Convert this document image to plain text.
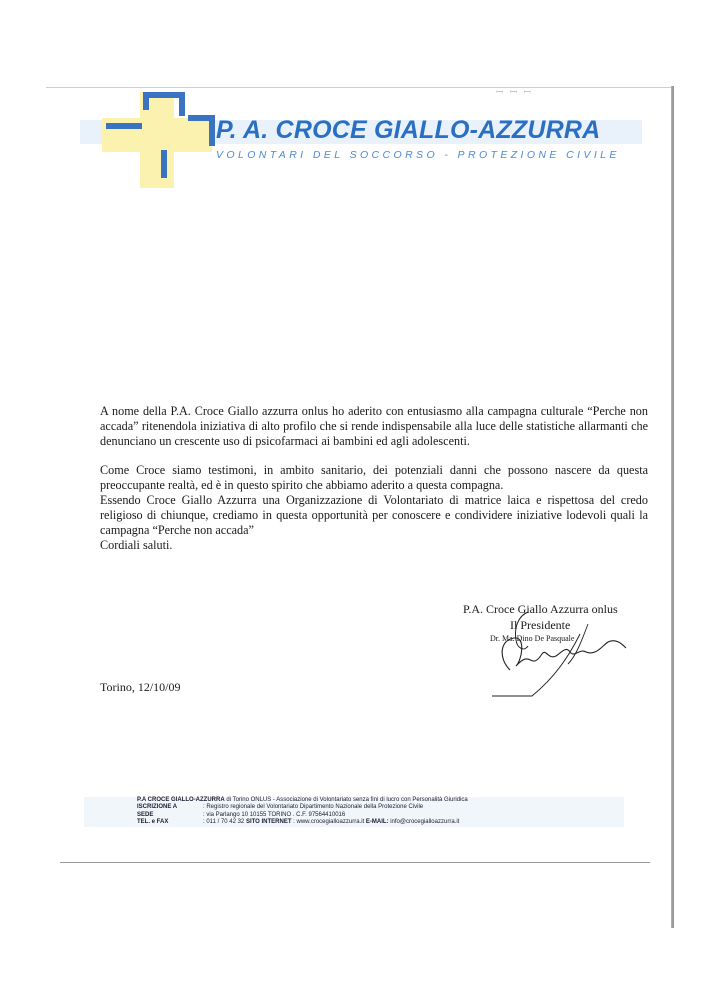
ꟷ ꟷ ꟷ
P. A. CROCE GIALLO-AZZURRA
VOLONTARI DEL SOCCORSO - PROTEZIONE CIVILE

A nome della P.A. Croce Giallo azzurra onlus ho aderito con entusiasmo alla campagna culturale “Perche non accada” ritenendola iniziativa di alto profilo che si rende indispensabile alla luce delle statistiche allarmanti che denunciano un crescente uso di psicofarmaci ai bambini ed agli adolescenti.

Come Croce siamo testimoni, in ambito sanitario, dei potenziali danni che possono nascere da questa preoccupante realtà, ed è in questo spirito che abbiamo aderito a questa compagna.

Essendo Croce Giallo Azzurra una Organizzazione di Volontariato di matrice laica e rispettosa del credo religioso di chiunque, crediamo in questa opportunità per conoscere e condividere iniziative lodevoli quali la campagna “Perche non accada”

Cordiali saluti.

P.A. Croce Giallo Azzurra onlus
Il Presidente
Dr. Ma. Dino De Pasquale
Torino, 12/10/09
P.A CROCE GIALLO-AZZURRA di Torino ONLUS - Associazione di Volontariato senza fini di lucro con Personalità Giuridica
ISCRIZIONE A	: Registro regionale del Volontariato Dipartimento Nazionale della Protezione Civile
SEDE	: via Parlango 10 10155 TORINO . C.F. 97564410016
TEL. e FAX	: 011 / 70 42 32 SITO INTERNET : www.crocegialloazzurra.it E-MAIL: info@crocegialloazzurra.it
